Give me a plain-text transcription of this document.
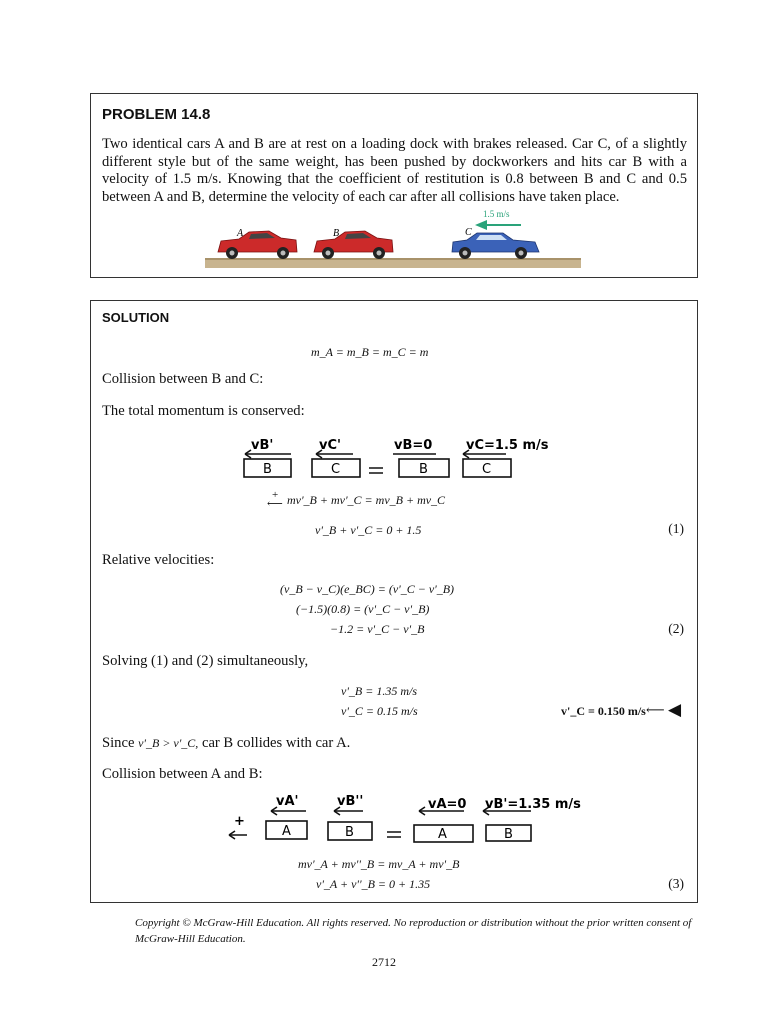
PROBLEM 14.8
Two identical cars A and B are at rest on a loading dock with brakes released. Car C, of a slightly different style but of the same weight, has been pushed by dockworkers and hits car B with a velocity of 1.5 m/s. Knowing that the coefficient of restitution is 0.8 between B and C and 0.5 between A and B, determine the velocity of each car after all collisions have taken place.
A	B	C
1.5 m/s
SOLUTION
m_A = m_B = m_C = m
Collision between B and C:
The total momentum is conserved:
vB'	vC'	vB=0	vC=1.5 m/s
B	C	B	C
+
⟵ mv'_B + mv'_C = mv_B + mv_C
v'_B + v'_C = 0 + 1.5	(1)
Relative velocities:
(v_B − v_C)(e_BC) = (v'_C − v'_B)
(−1.5)(0.8) = (v'_C − v'_B)
−1.2 = v'_C − v'_B	(2)
Solving (1) and (2) simultaneously,
v'_B = 1.35 m/s
v'_C = 0.15 m/s	v'_C = 0.150 m/s ⟵ ◀
Since v'_B > v'_C, car B collides with car A.
Collision between A and B:
+
vA'	vB''	vA=0 vB'=1.35 m/s
A	B	A	B
mv'_A + mv''_B = mv_A + mv'_B
v'_A + v''_B = 0 + 1.35	(3)
Copyright © McGraw-Hill Education. All rights reserved. No reproduction or distribution without the prior written consent of McGraw-Hill Education.
2712
